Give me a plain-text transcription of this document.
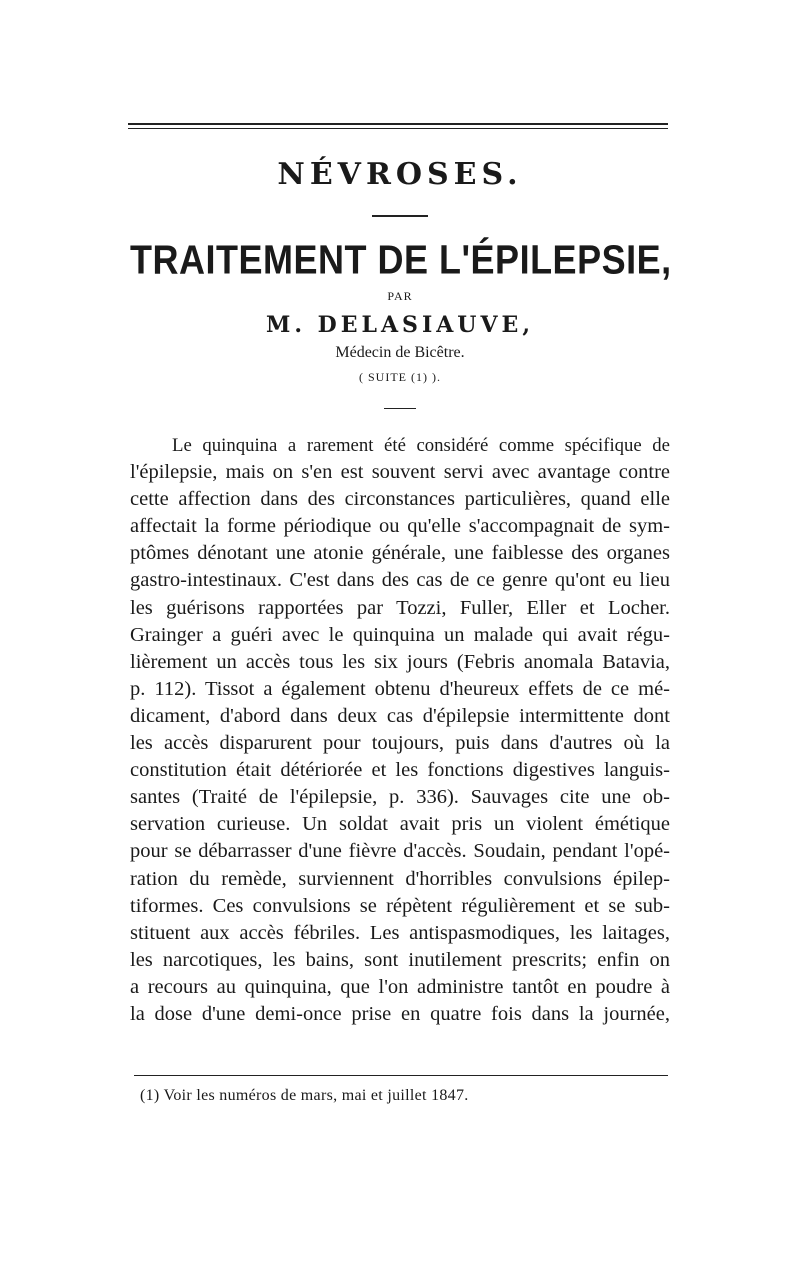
NÉVROSES.
TRAITEMENT DE L'ÉPILEPSIE,
PAR
M. DELASIAUVE,
Médecin de Bicêtre.
( SUITE (1) ).
Le quinquina a rarement été considéré comme spécifique de
l'épilepsie, mais on s'en est souvent servi avec avantage contre
cette affection dans des circonstances particulières, quand elle
affectait la forme périodique ou qu'elle s'accompagnait de sym-
ptômes dénotant une atonie générale, une faiblesse des organes
gastro-intestinaux. C'est dans des cas de ce genre qu'ont eu lieu
les guérisons rapportées par Tozzi, Fuller, Eller et Locher.
Grainger a guéri avec le quinquina un malade qui avait régu-
lièrement un accès tous les six jours (Febris anomala Batavia,
p. 112). Tissot a également obtenu d'heureux effets de ce mé-
dicament, d'abord dans deux cas d'épilepsie intermittente dont
les accès disparurent pour toujours, puis dans d'autres où la
constitution était détériorée et les fonctions digestives languis-
santes (Traité de l'épilepsie, p. 336). Sauvages cite une ob-
servation curieuse. Un soldat avait pris un violent émétique
pour se débarrasser d'une fièvre d'accès. Soudain, pendant l'opé-
ration du remède, surviennent d'horribles convulsions épilep-
tiformes. Ces convulsions se répètent régulièrement et se sub-
stituent aux accès fébriles. Les antispasmodiques, les laitages,
les narcotiques, les bains, sont inutilement prescrits; enfin on
a recours au quinquina, que l'on administre tantôt en poudre à
la dose d'une demi-once prise en quatre fois dans la journée,
(1) Voir les numéros de mars, mai et juillet 1847.
